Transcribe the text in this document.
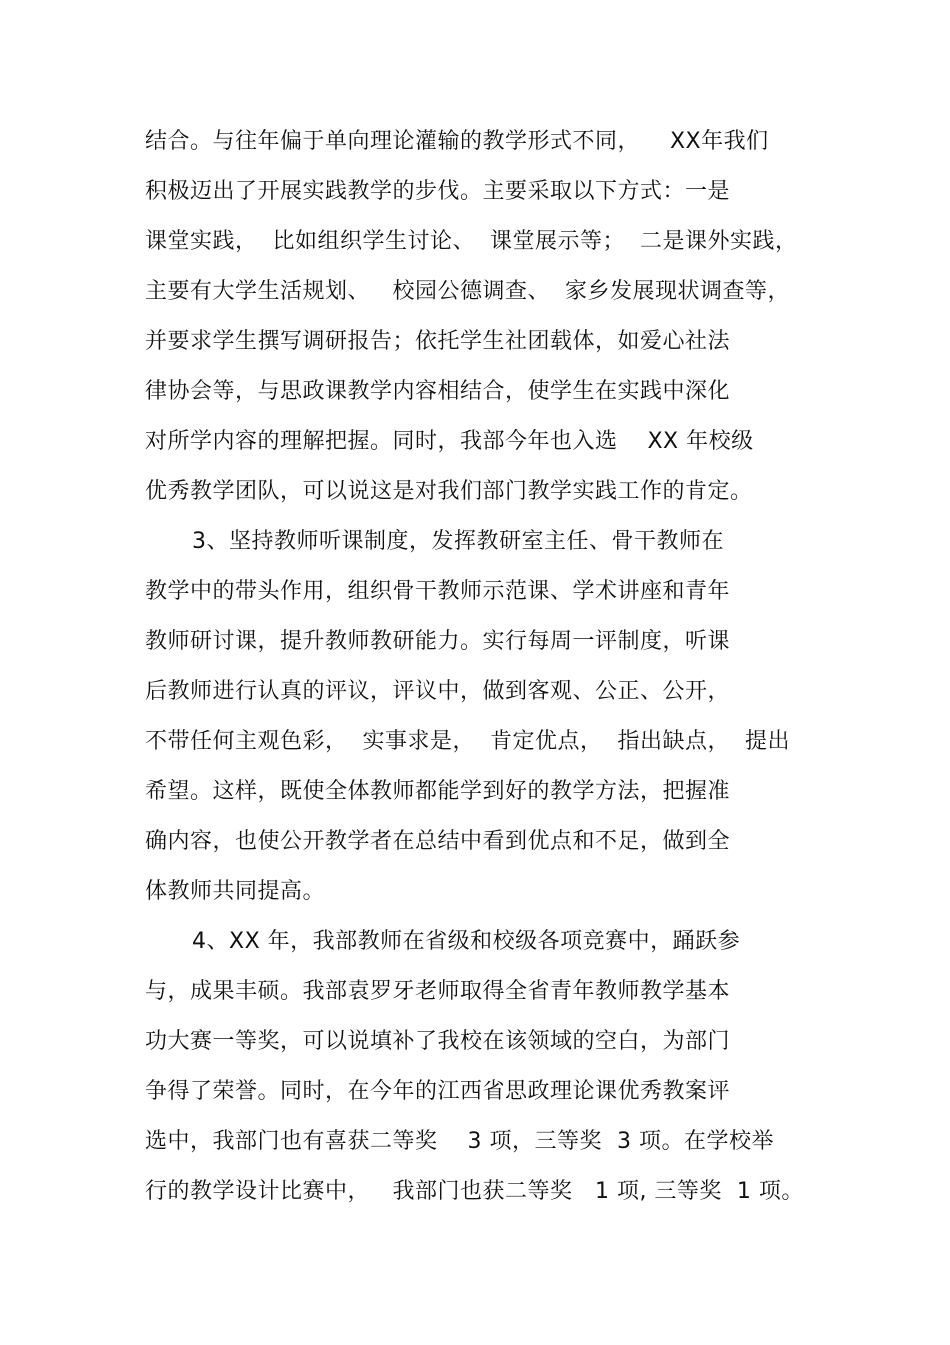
结合。与往年偏于单向理论灌输的教学形式不同，    XX年我们
积极迈出了开展实践教学的步伐。主要采取以下方式：一是
课堂实践，  比如组织学生讨论、  课堂展示等；  二是课外实践，
主要有大学生活规划、   校园公德调查、  家乡发展现状调查等，
并要求学生撰写调研报告；依托学生社团载体，如爱心社法
律协会等，与思政课教学内容相结合，使学生在实践中深化
对所学内容的理解把握。同时，我部今年也入选    XX 年校级
优秀教学团队，可以说这是对我们部门教学实践工作的肯定。
3、坚持教师听课制度，发挥教研室主任、骨干教师在
教学中的带头作用，组织骨干教师示范课、学术讲座和青年
教师研讨课，提升教师教研能力。实行每周一评制度，听课
后教师进行认真的评议，评议中，做到客观、公正、公开，
不带任何主观色彩，  实事求是，  肯定优点，  指出缺点，  提出
希望。这样，既使全体教师都能学到好的教学方法，把握准
确内容，也使公开教学者在总结中看到优点和不足，做到全
体教师共同提高。
4、XX 年，我部教师在省级和校级各项竞赛中，踊跃参
与，成果丰硕。我部袁罗牙老师取得全省青年教师教学基本
功大赛一等奖，可以说填补了我校在该领域的空白，为部门
争得了荣誉。同时，在今年的江西省思政理论课优秀教案评
选中，我部门也有喜获二等奖    3 项，三等奖  3 项。在学校举
行的教学设计比赛中，   我部门也获二等奖   1 项, 三等奖  1 项。
